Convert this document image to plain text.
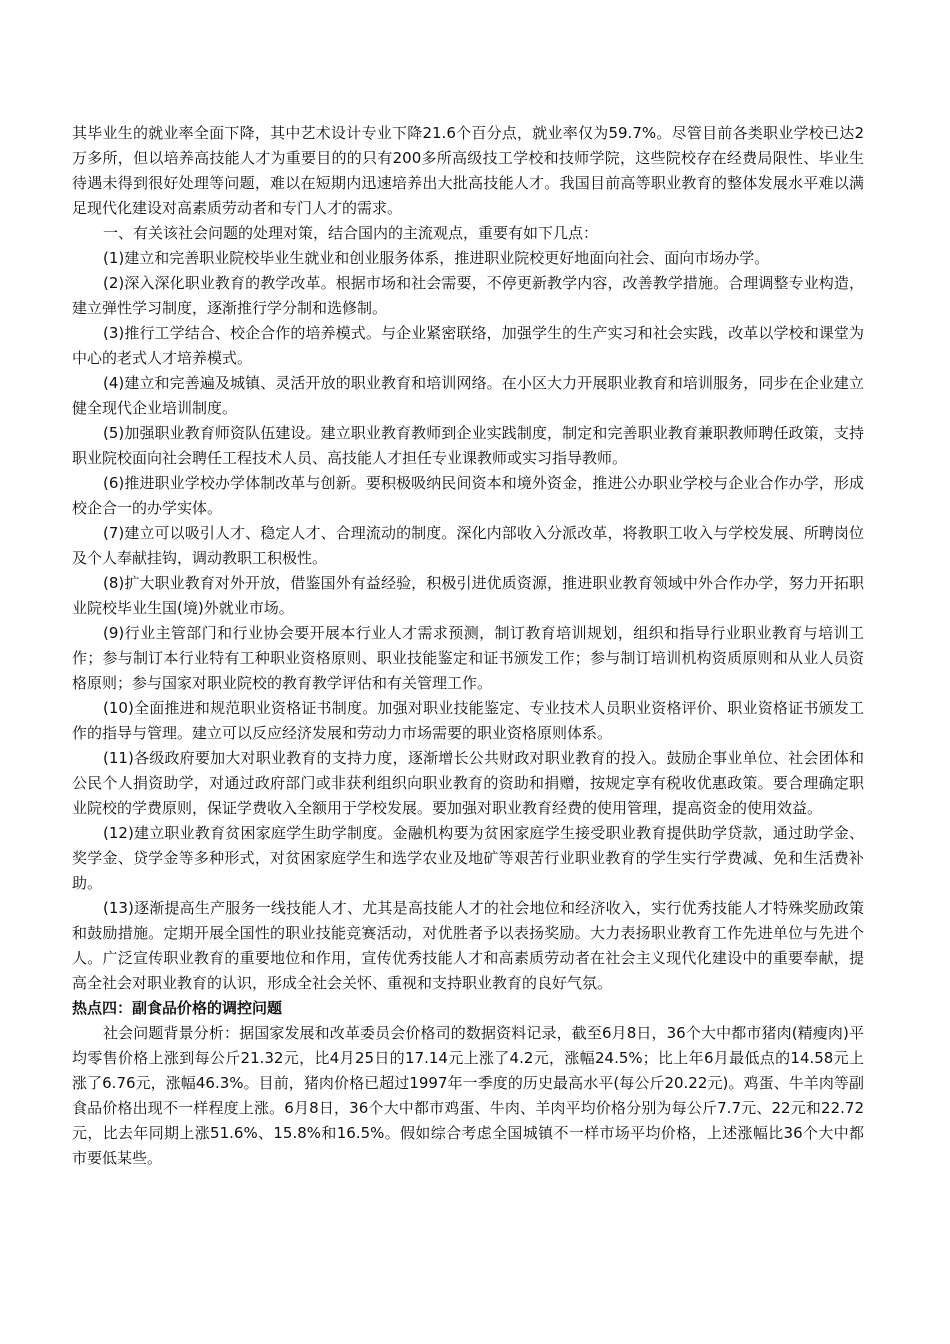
其毕业生的就业率全面下降，其中艺术设计专业下降21.6个百分点，就业率仅为59.7%。尽管目前各类职业学校已达2万多所，但以培养高技能人才为重要目的的只有200多所高级技工学校和技师学院，这些院校存在经费局限性、毕业生待遇未得到很好处理等问题，难以在短期内迅速培养出大批高技能人才。我国目前高等职业教育的整体发展水平难以满足现代化建设对高素质劳动者和专门人才的需求。

一、有关该社会问题的处理对策，结合国内的主流观点，重要有如下几点：

(1)建立和完善职业院校毕业生就业和创业服务体系，推进职业院校更好地面向社会、面向市场办学。

(2)深入深化职业教育的教学改革。根据市场和社会需要，不停更新教学内容，改善教学措施。合理调整专业构造，建立弹性学习制度，逐渐推行学分制和选修制。

(3)推行工学结合、校企合作的培养模式。与企业紧密联络，加强学生的生产实习和社会实践，改革以学校和课堂为中心的老式人才培养模式。

(4)建立和完善遍及城镇、灵活开放的职业教育和培训网络。在小区大力开展职业教育和培训服务，同步在企业建立健全现代企业培训制度。

(5)加强职业教育师资队伍建设。建立职业教育教师到企业实践制度，制定和完善职业教育兼职教师聘任政策，支持职业院校面向社会聘任工程技术人员、高技能人才担任专业课教师或实习指导教师。

(6)推进职业学校办学体制改革与创新。要积极吸纳民间资本和境外资金，推进公办职业学校与企业合作办学，形成校企合一的办学实体。

(7)建立可以吸引人才、稳定人才、合理流动的制度。深化内部收入分派改革，将教职工收入与学校发展、所聘岗位及个人奉献挂钩，调动教职工积极性。

(8)扩大职业教育对外开放，借鉴国外有益经验，积极引进优质资源，推进职业教育领域中外合作办学，努力开拓职业院校毕业生国(境)外就业市场。

(9)行业主管部门和行业协会要开展本行业人才需求预测，制订教育培训规划，组织和指导行业职业教育与培训工作；参与制订本行业特有工种职业资格原则、职业技能鉴定和证书颁发工作；参与制订培训机构资质原则和从业人员资格原则；参与国家对职业院校的教育教学评估和有关管理工作。

(10)全面推进和规范职业资格证书制度。加强对职业技能鉴定、专业技术人员职业资格评价、职业资格证书颁发工作的指导与管理。建立可以反应经济发展和劳动力市场需要的职业资格原则体系。

(11)各级政府要加大对职业教育的支持力度，逐渐增长公共财政对职业教育的投入。鼓励企事业单位、社会团体和公民个人捐资助学，对通过政府部门或非获利组织向职业教育的资助和捐赠，按规定享有税收优惠政策。要合理确定职业院校的学费原则，保证学费收入全额用于学校发展。要加强对职业教育经费的使用管理，提高资金的使用效益。

(12)建立职业教育贫困家庭学生助学制度。金融机构要为贫困家庭学生接受职业教育提供助学贷款，通过助学金、奖学金、贷学金等多种形式，对贫困家庭学生和选学农业及地矿等艰苦行业职业教育的学生实行学费减、免和生活费补助。

(13)逐渐提高生产服务一线技能人才、尤其是高技能人才的社会地位和经济收入，实行优秀技能人才特殊奖励政策和鼓励措施。定期开展全国性的职业技能竞赛活动，对优胜者予以表扬奖励。大力表扬职业教育工作先进单位与先进个人。广泛宣传职业教育的重要地位和作用，宣传优秀技能人才和高素质劳动者在社会主义现代化建设中的重要奉献，提高全社会对职业教育的认识，形成全社会关怀、重视和支持职业教育的良好气氛。

热点四：副食品价格的调控问题

社会问题背景分析：据国家发展和改革委员会价格司的数据资料记录，截至6月8日，36个大中都市猪肉(精瘦肉)平均零售价格上涨到每公斤21.32元，比4月25日的17.14元上涨了4.2元，涨幅24.5%；比上年6月最低点的14.58元上涨了6.76元，涨幅46.3%。目前，猪肉价格已超过1997年一季度的历史最高水平(每公斤20.22元)。鸡蛋、牛羊肉等副食品价格出现不一样程度上涨。6月8日，36个大中都市鸡蛋、牛肉、羊肉平均价格分别为每公斤7.7元、22元和22.72元，比去年同期上涨51.6%、15.8%和16.5%。假如综合考虑全国城镇不一样市场平均价格，上述涨幅比36个大中都市要低某些。
